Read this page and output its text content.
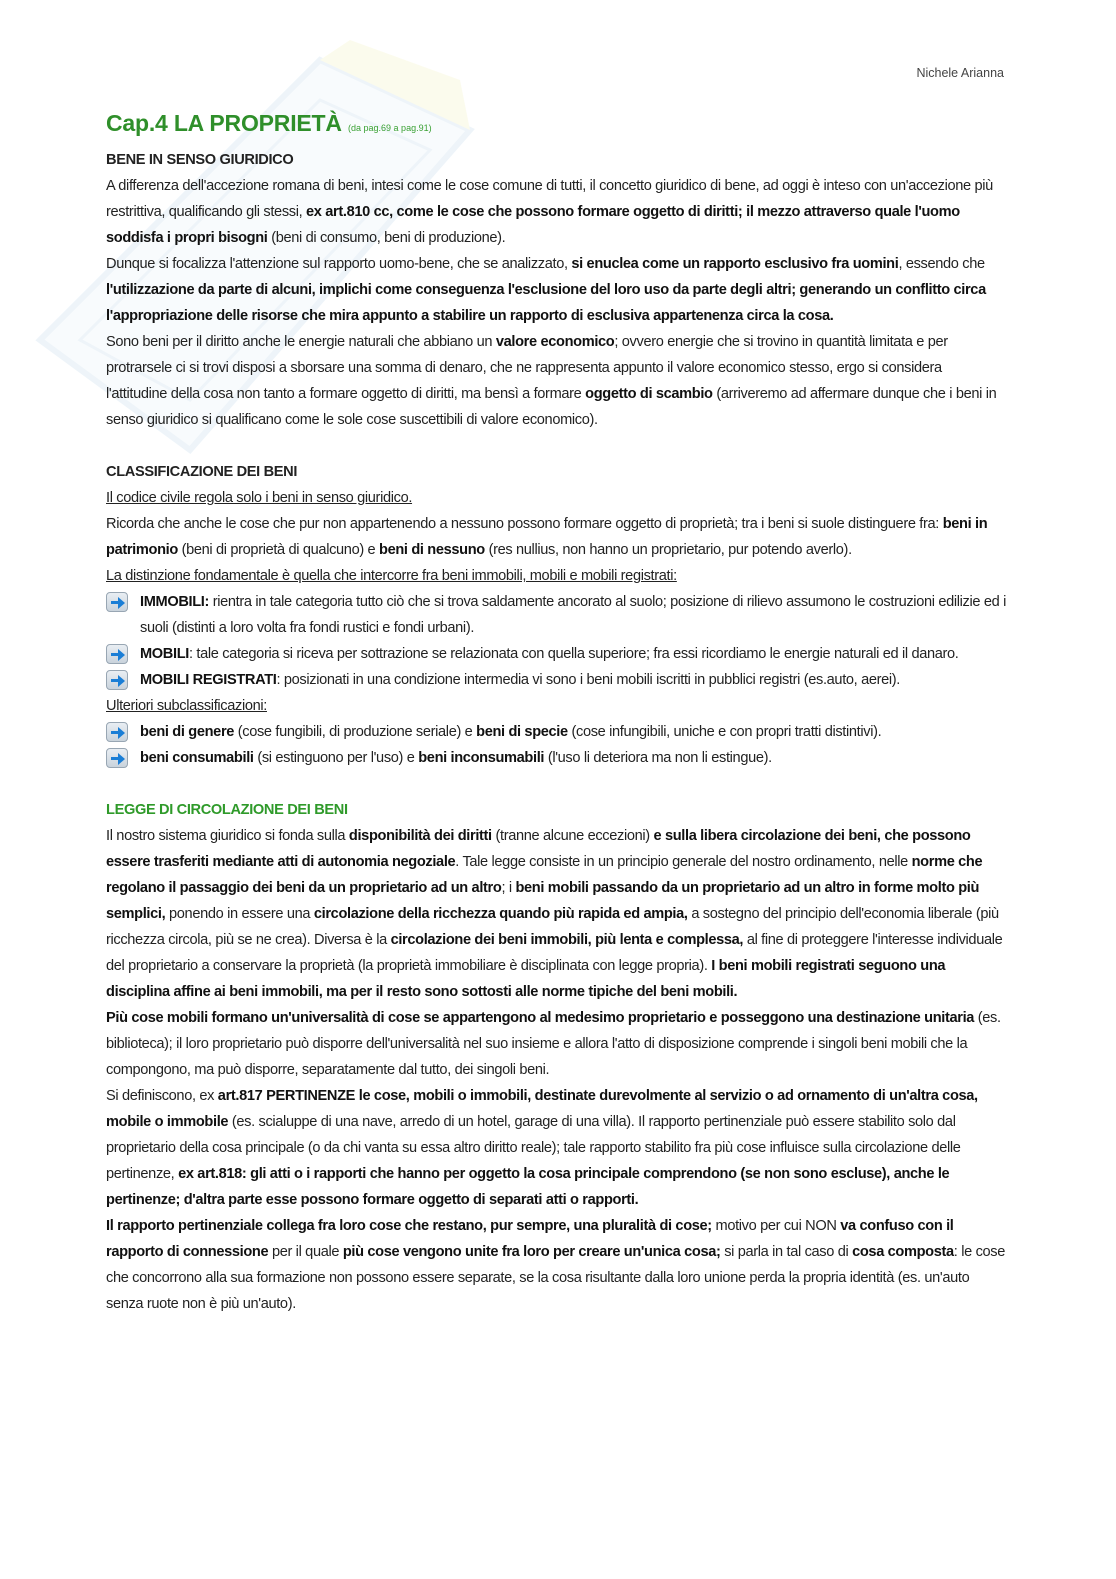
Nichele Arianna

Cap.4 LA PROPRIETÀ (da pag.69 a pag.91)

BENE IN SENSO GIURIDICO

A differenza dell'accezione romana di beni, intesi come le cose comune di tutti, il concetto giuridico di bene, ad oggi è inteso con un'accezione più restrittiva, qualificando gli stessi, ex art.810 cc, come le cose che possono formare oggetto di diritti; il mezzo attraverso quale l'uomo soddisfa i propri bisogni (beni di consumo, beni di produzione).

Dunque si focalizza l'attenzione sul rapporto uomo-bene, che se analizzato, si enuclea come un rapporto esclusivo fra uomini, essendo che l'utilizzazione da parte di alcuni, implichi come conseguenza l'esclusione del loro uso da parte degli altri; generando un conflitto circa l'appropriazione delle risorse che mira appunto a stabilire un rapporto di esclusiva appartenenza circa la cosa.

Sono beni per il diritto anche le energie naturali che abbiano un valore economico; ovvero energie che si trovino in quantità limitata e per protrarsele ci si trovi disposi a sborsare una somma di denaro, che ne rappresenta appunto il valore economico stesso, ergo si considera l'attitudine della cosa non tanto a formare oggetto di diritti, ma bensì a formare oggetto di scambio (arriveremo ad affermare dunque che i beni in senso giuridico si qualificano come le sole cose suscettibili di valore economico).

CLASSIFICAZIONE DEI BENI

Il codice civile regola solo i beni in senso giuridico.

Ricorda che anche le cose che pur non appartenendo a nessuno possono formare oggetto di proprietà; tra i beni si suole distinguere fra: beni in patrimonio (beni di proprietà di qualcuno) e beni di nessuno (res nullius, non hanno un proprietario, pur potendo averlo).

La distinzione fondamentale è quella che intercorre fra beni immobili, mobili e mobili registrati:

IMMOBILI: rientra in tale categoria tutto ciò che si trova saldamente ancorato al suolo; posizione di rilievo assumono le costruzioni edilizie ed i suoli (distinti a loro volta fra fondi rustici e fondi urbani).
MOBILI: tale categoria si riceva per sottrazione se relazionata con quella superiore; fra essi ricordiamo le energie naturali ed il danaro.
MOBILI REGISTRATI: posizionati in una condizione intermedia vi sono i beni mobili iscritti in pubblici registri (es.auto, aerei).

Ulteriori subclassificazioni:

beni di genere (cose fungibili, di produzione seriale) e beni di specie (cose infungibili, uniche e con propri tratti distintivi).
beni consumabili (si estinguono per l'uso) e beni inconsumabili (l'uso li deteriora ma non li estingue).

LEGGE DI CIRCOLAZIONE DEI BENI

Il nostro sistema giuridico si fonda sulla disponibilità dei diritti (tranne alcune eccezioni) e sulla libera circolazione dei beni, che possono essere trasferiti mediante atti di autonomia negoziale. Tale legge consiste in un principio generale del nostro ordinamento, nelle norme che regolano il passaggio dei beni da un proprietario ad un altro; i beni mobili passando da un proprietario ad un altro in forme molto più semplici, ponendo in essere una circolazione della ricchezza quando più rapida ed ampia, a sostegno del principio dell'economia liberale (più ricchezza circola, più se ne crea). Diversa è la circolazione dei beni immobili, più lenta e complessa, al fine di proteggere l'interesse individuale del proprietario a conservare la proprietà (la proprietà immobiliare è disciplinata con legge propria). I beni mobili registrati seguono una disciplina affine ai beni immobili, ma per il resto sono sottosti alle norme tipiche del beni mobili.

Più cose mobili formano un'universalità di cose se appartengono al medesimo proprietario e posseggono una destinazione unitaria (es. biblioteca); il loro proprietario può disporre dell'universalità nel suo insieme e allora l'atto di disposizione comprende i singoli beni mobili che la compongono, ma può disporre, separatamente dal tutto, dei singoli beni.

Si definiscono, ex art.817 PERTINENZE le cose, mobili o immobili, destinate durevolmente al servizio o ad ornamento di un'altra cosa, mobile o immobile (es. scialuppe di una nave, arredo di un hotel, garage di una villa). Il rapporto pertinenziale può essere stabilito solo dal proprietario della cosa principale (o da chi vanta su essa altro diritto reale); tale rapporto stabilito fra più cose influisce sulla circolazione delle pertinenze, ex art.818: gli atti o i rapporti che hanno per oggetto la cosa principale comprendono (se non sono escluse), anche le pertinenze; d'altra parte esse possono formare oggetto di separati atti o rapporti.

Il rapporto pertinenziale collega fra loro cose che restano, pur sempre, una pluralità di cose; motivo per cui NON va confuso con il rapporto di connessione per il quale più cose vengono unite fra loro per creare un'unica cosa; si parla in tal caso di cosa composta: le cose che concorrono alla sua formazione non possono essere separate, se la cosa risultante dalla loro unione perda la propria identità (es. un'auto senza ruote non è più un'auto).
